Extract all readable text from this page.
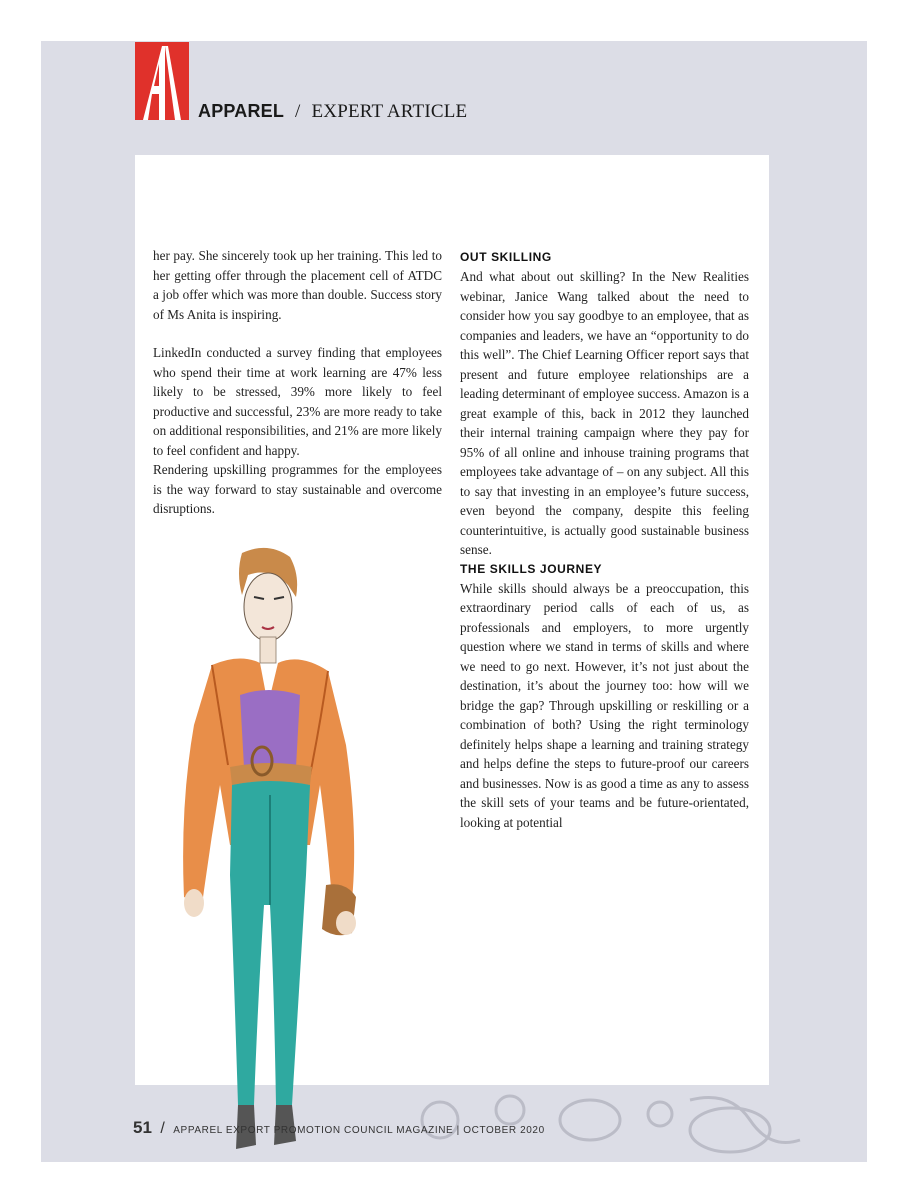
APPAREL / EXPERT ARTICLE

her pay. She sincerely took up her training. This led to her getting offer through the placement cell of ATDC a job offer which was more than double. Success story of Ms Anita is inspiring.

LinkedIn conducted a survey finding that employees who spend their time at work learning are 47% less likely to be stressed, 39% more likely to feel productive and successful, 23% are more ready to take on additional responsibilities, and 21% are more likely to feel confident and happy.

Rendering upskilling programmes for the employees is the way forward to stay sustainable and overcome disruptions.

OUT SKILLING

And what about out skilling? In the New Realities webinar, Janice Wang talked about the need to consider how you say goodbye to an employee, that as companies and leaders, we have an “opportunity to do this well”. The Chief Learning Officer report says that present and future employee relationships are a leading determinant of employee success. Amazon is a great example of this, back in 2012 they launched their internal training campaign where they pay for 95% of all online and inhouse training programs that employees take advantage of – on any subject. All this to say that investing in an employee’s future success, even beyond the company, despite this feeling counterintuitive, is actually good sustainable business sense.

THE SKILLS JOURNEY

While skills should always be a preoccupation, this extraordinary period calls of each of us, as professionals and employers, to more urgently question where we stand in terms of skills and where we need to go next. However, it’s not just about the destination, it’s about the journey too: how will we bridge the gap? Through upskilling or reskilling or a combination of both? Using the right terminology definitely helps shape a learning and training strategy and helps define the steps to future-proof our careers and businesses. Now is as good a time as any to assess the skill sets of your teams and be future-orientated, looking at potential

51 / APPAREL EXPORT PROMOTION COUNCIL MAGAZINE | OCTOBER 2020
